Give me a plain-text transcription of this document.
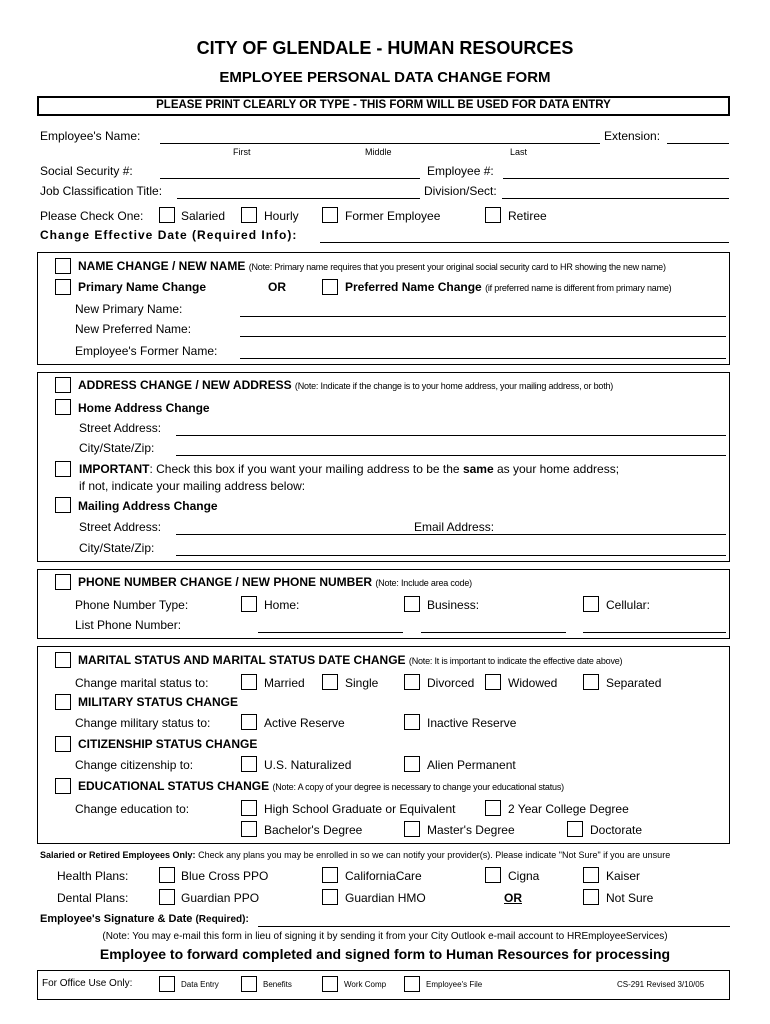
CITY OF GLENDALE - HUMAN RESOURCES
EMPLOYEE PERSONAL DATA CHANGE FORM
PLEASE PRINT CLEARLY OR TYPE - THIS FORM WILL BE USED FOR DATA ENTRY
Employee's Name:	Extension:
First	Middle	Last
Social Security #:	Employee #:
Job Classification Title:	Division/Sect:
Please Check One:	Salaried	Hourly	Former Employee	Retiree
Change Effective Date (Required Info):
NAME CHANGE / NEW NAME (Note: Primary name requires that you present your original social security card to HR showing the new name)
Primary Name Change	OR	Preferred Name Change (if preferred name is different from primary name)
New Primary Name:
New Preferred Name:
Employee's Former Name:
ADDRESS CHANGE / NEW ADDRESS (Note: Indicate if the change is to your home address, your mailing address, or both)
Home Address Change
Street Address:
City/State/Zip:
IMPORTANT: Check this box if you want your mailing address to be the same as your home address;
if not, indicate your mailing address below:
Mailing Address Change
Street Address:	Email Address:
City/State/Zip:
PHONE NUMBER CHANGE / NEW PHONE NUMBER (Note: Include area code)
Phone Number Type:	Home:	Business:	Cellular:
List Phone Number:
MARITAL STATUS AND MARITAL STATUS DATE CHANGE (Note: It is important to indicate the effective date above)
Change marital status to:	Married	Single	Divorced	Widowed	Separated
MILITARY STATUS CHANGE
Change military status to:	Active Reserve	Inactive Reserve
CITIZENSHIP STATUS CHANGE
Change citizenship to:	U.S. Naturalized	Alien Permanent
EDUCATIONAL STATUS CHANGE (Note: A copy of your degree is necessary to change your educational status)
Change education to:	High School Graduate or Equivalent	2 Year College Degree
Bachelor's Degree	Master's Degree	Doctorate
Salaried or Retired Employees Only: Check any plans you may be enrolled in so we can notify your provider(s). Please indicate "Not Sure" if you are unsure
Health Plans:	Blue Cross PPO	CaliforniaCare	Cigna	Kaiser
Dental Plans:	Guardian PPO	Guardian HMO	OR	Not Sure
Employee's Signature & Date (Required):
(Note: You may e-mail this form in lieu of signing it by sending it from your City Outlook e-mail account to HREmployeeServices)
Employee to forward completed and signed form to Human Resources for processing
For Office Use Only:	Data Entry	Benefits	Work Comp	Employee's File	CS-291 Revised 3/10/05
